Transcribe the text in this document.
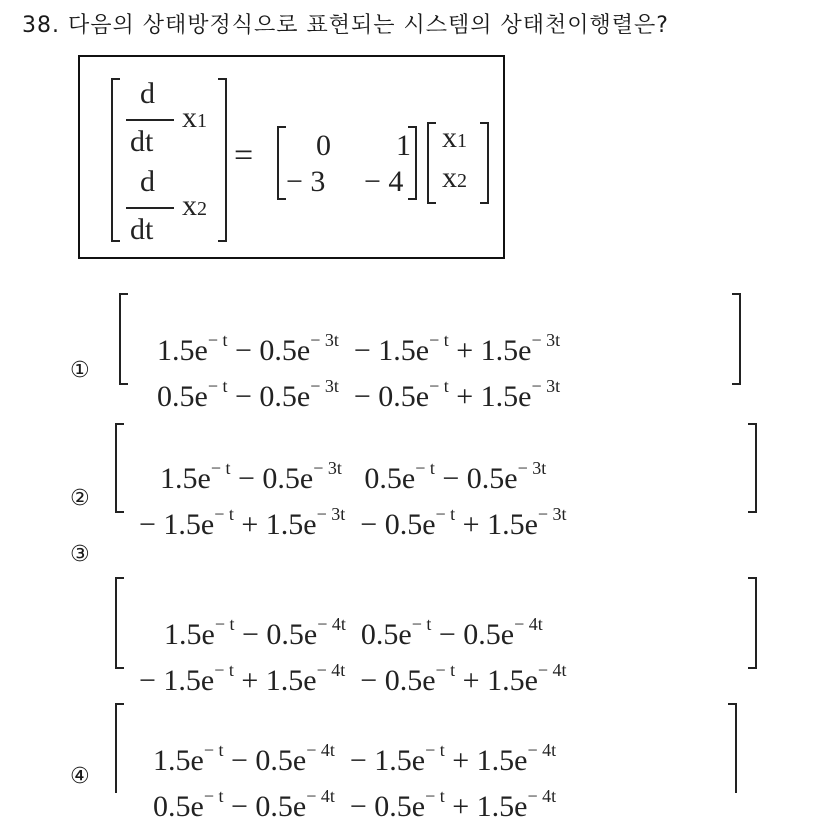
38. 다음의 상태방정식으로 표현되는 시스템의 상태천이행렬은?
d
dt
x1
d
dt
x2
= 0 1
− 3 − 4
x1
x2
①

$1.5e^{- t} - 0.5e^{- 3t} - 1.5e^{- t} + 1.5e^{- 3t}$

$0.5e^{- t} - 0.5e^{- 3t} - 0.5e^{- t} + 1.5e^{- 3t}$

②

$1.5e^{- t} - 0.5e^{- 3t}$   $0.5e^{- t} - 0.5e^{- 3t}$

− $1.5e^{- t} + 1.5e^{- 3t} - 0.5e^{- t} + 1.5e^{- 3t}$

③

$1.5e^{- t} - 0.5e^{- 4t}$  $0.5e^{- t} - 0.5e^{- 4t}$

− $1.5e^{- t} + 1.5e^{- 4t} - 0.5e^{- t} + 1.5e^{- 4t}$

④	$1.5e^{- t} - 0.5e^{- 4t} - 1.5e^{- t} + 1.5e^{- 4t}$

$0.5e^{- t} - 0.5e^{- 4t} - 0.5e^{- t} + 1.5e^{- 4t}$
